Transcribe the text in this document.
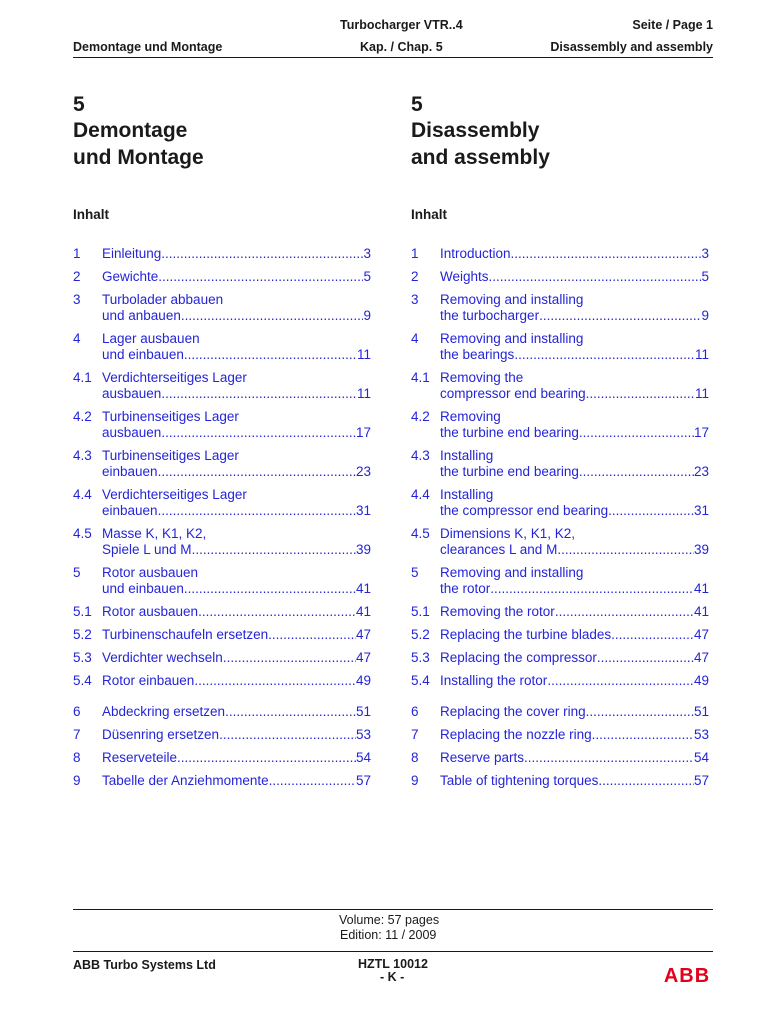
Turbocharger VTR..4	Seite / Page 1
Demontage und Montage	Kap. / Chap. 5	Disassembly and assembly
5
Demontage
und Montage
Inhalt
5
Disassembly
and assembly
Inhalt
1	Einleitung .....	3
2	Gewichte .....	5
3	Turbolader abbauen
und anbauen .....	9
4	Lager ausbauen
und einbauen .....	11
4.1 Verdichterseitiges Lager
ausbauen .....	11
4.2 Turbinenseitiges Lager
ausbauen .....	17
4.3 Turbinenseitiges Lager
einbauen .....	23
4.4 Verdichterseitiges Lager
einbauen .....	31
4.5 Masse K, K1, K2,
Spiele L und M .....	39
5	Rotor ausbauen
und einbauen .....	41
5.1 Rotor ausbauen .....	41
5.2 Turbinenschaufeln ersetzen .....	47
5.3 Verdichter wechseln .....	47
5.4 Rotor einbauen .....	49
6	Abdeckring ersetzen .....	51
7	Düsenring ersetzen .....	53
8	Reserveteile .....	54
9	Tabelle der Anziehmomente .....	57
1	Introduction .....	3
2	Weights .....	5
3	Removing and installing
the turbocharger .....	9
4	Removing and installing
the bearings .....	11
4.1 Removing the
compressor end bearing .....	11
4.2 Removing
the turbine end bearing .....	17
4.3 Installing
the turbine end bearing .....	23
4.4 Installing
the compressor end bearing .....	31
4.5 Dimensions K, K1, K2,
clearances L and M .....	39
5	Removing and installing
the rotor .....	41
5.1 Removing the rotor .....	41
5.2 Replacing the turbine blades .....	47
5.3 Replacing the compressor .....	47
5.4 Installing the rotor .....	49
6	Replacing the cover ring .....	51
7	Replacing the nozzle ring .....	53
8	Reserve parts .....	54
9	Table of tightening torques .....	57
Volume: 57 pages
Edition: 11 / 2009
ABB Turbo Systems Ltd	HZTL 10012
- K -	ABB
